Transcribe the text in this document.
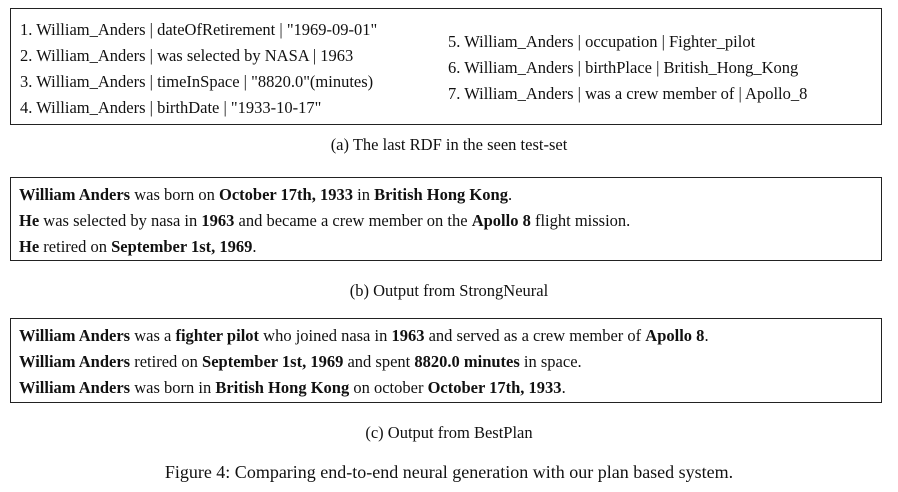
1. William_Anders | dateOfRetirement | "1969-09-01"
2. William_Anders | was selected by NASA | 1963
3. William_Anders | timeInSpace | "8820.0"(minutes)
4. William_Anders | birthDate | "1933-10-17"
5. William_Anders | occupation | Fighter_pilot
6. William_Anders | birthPlace | British_Hong_Kong
7. William_Anders | was a crew member of | Apollo_8
(a) The last RDF in the seen test-set
William Anders was born on October 17th, 1933 in British Hong Kong.
He was selected by nasa in 1963 and became a crew member on the Apollo 8 flight mission.
He retired on September 1st, 1969.
(b) Output from StrongNeural
William Anders was a fighter pilot who joined nasa in 1963 and served as a crew member of Apollo 8.
William Anders retired on September 1st, 1969 and spent 8820.0 minutes in space.
William Anders was born in British Hong Kong on october October 17th, 1933.
(c) Output from BestPlan
Figure 4: Comparing end-to-end neural generation with our plan based system.
